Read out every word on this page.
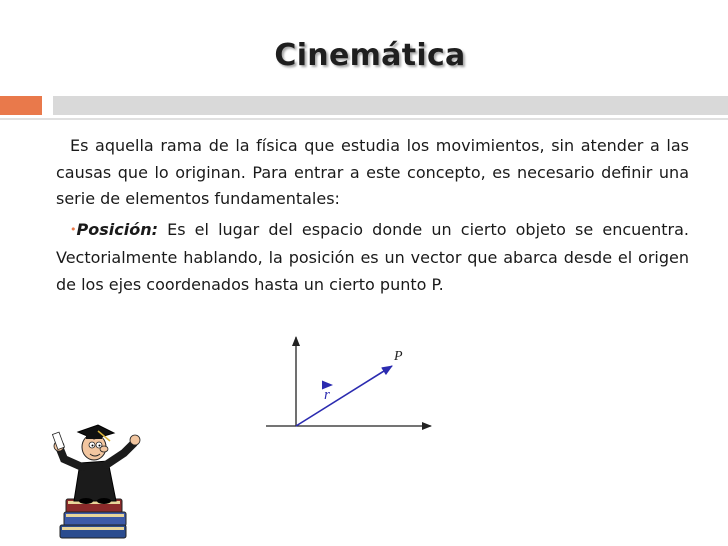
Cinemática

Es aquella rama de la física que estudia los movimientos, sin atender a las causas que lo originan. Para entrar a este concepto, es necesario definir una serie de elementos fundamentales:

•Posición: Es el lugar del espacio donde un cierto objeto se encuentra. Vectorialmente hablando, la posición es un vector que abarca desde el origen de los ejes coordenados hasta un cierto punto P.

P
r
